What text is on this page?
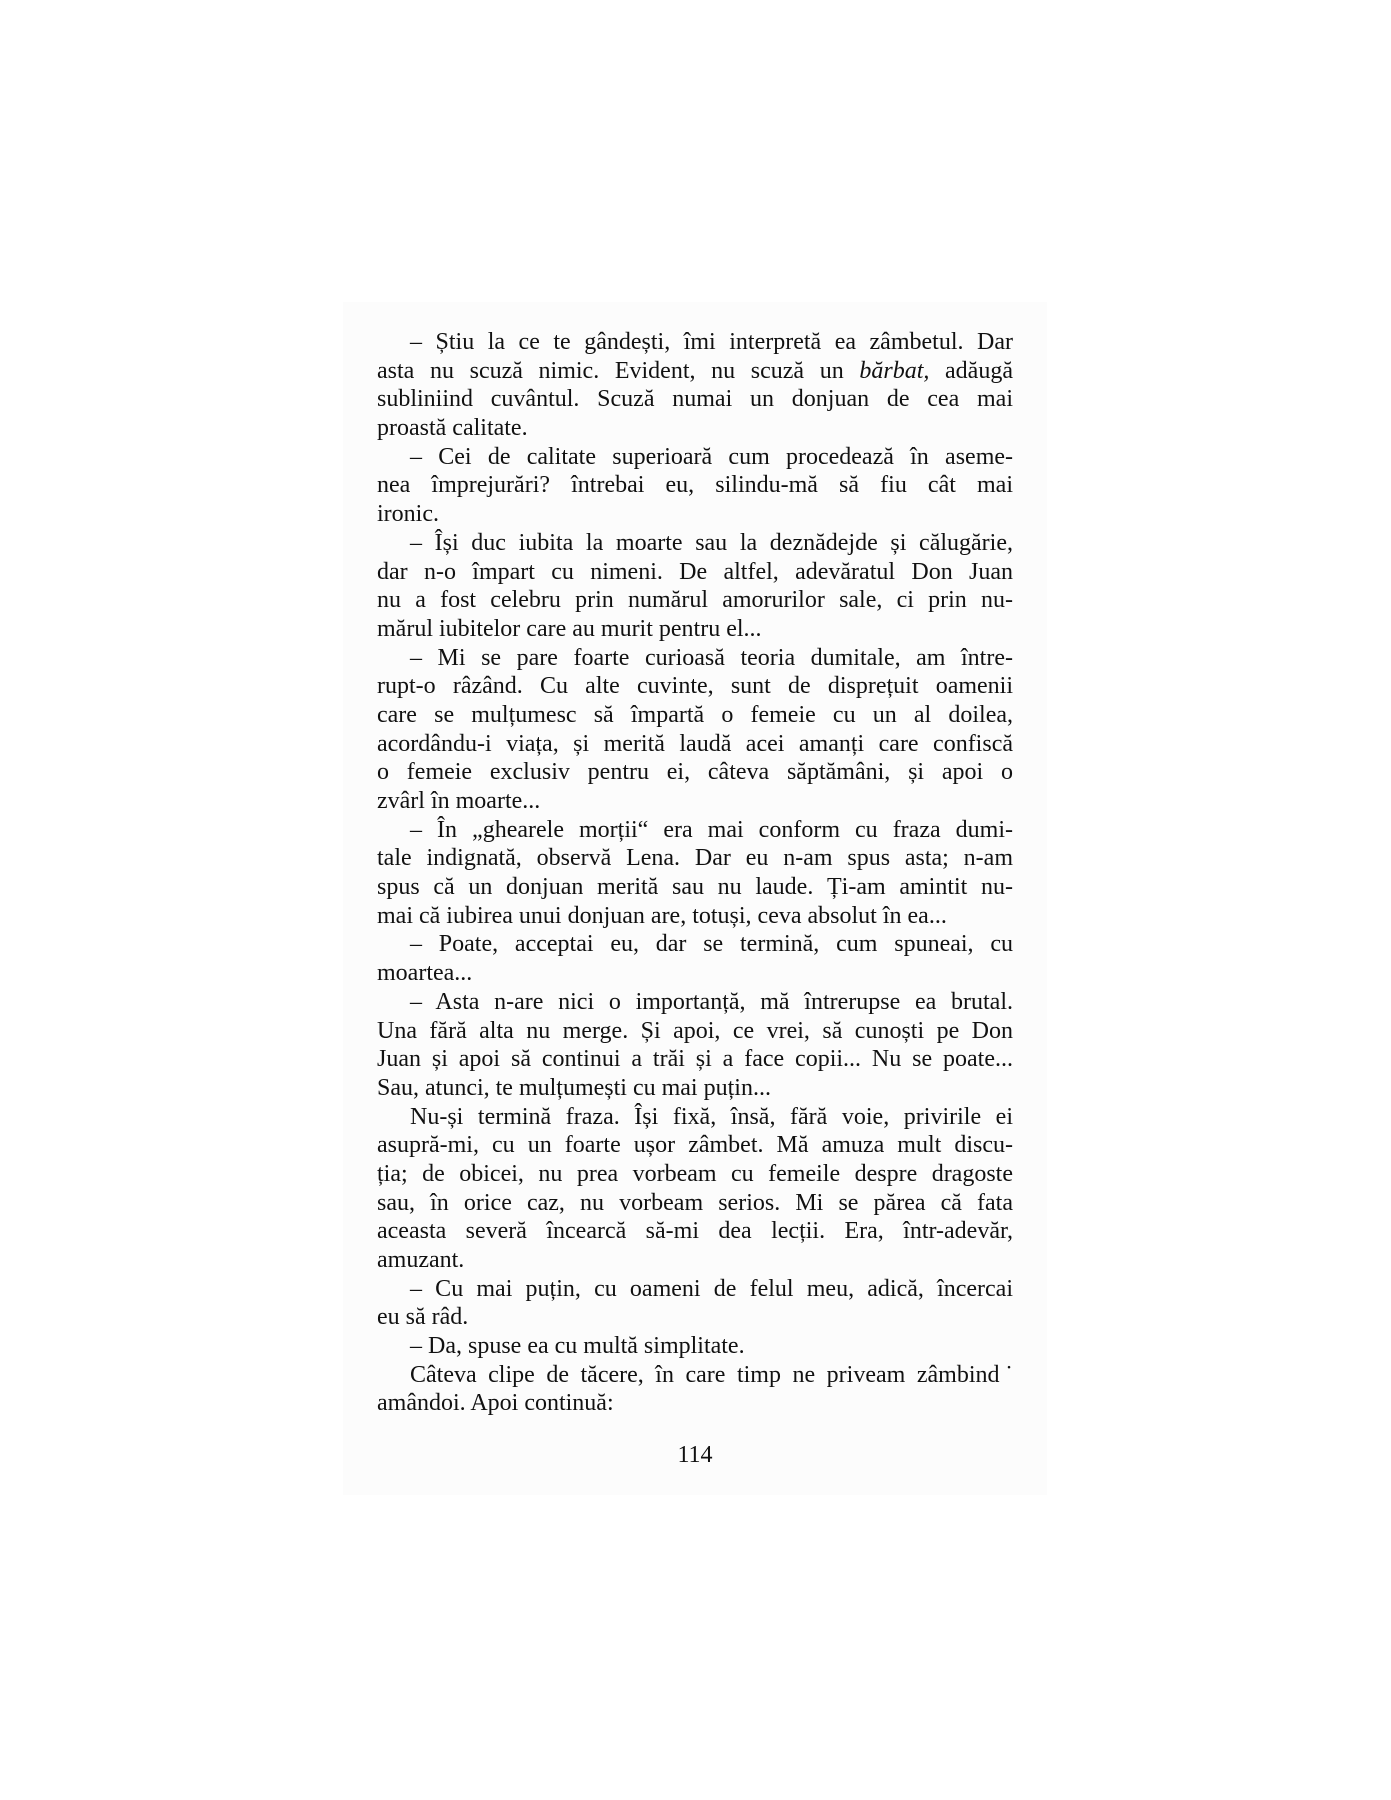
– Știu la ce te gândești, îmi interpretă ea zâmbetul. Dar
asta nu scuză nimic. Evident, nu scuză un bărbat, adăugă
subliniind cuvântul. Scuză numai un donjuan de cea mai
proastă calitate.
– Cei de calitate superioară cum procedează în aseme-
nea împrejurări? întrebai eu, silindu-mă să fiu cât mai
ironic.
– Își duc iubita la moarte sau la deznădejde și călugărie,
dar n-o împart cu nimeni. De altfel, adevăratul Don Juan
nu a fost celebru prin numărul amorurilor sale, ci prin nu-
mărul iubitelor care au murit pentru el...
– Mi se pare foarte curioasă teoria dumitale, am între-
rupt-o râzând. Cu alte cuvinte, sunt de disprețuit oamenii
care se mulțumesc să împartă o femeie cu un al doilea,
acordându-i viața, și merită laudă acei amanți care confiscă
o femeie exclusiv pentru ei, câteva săptămâni, și apoi o
zvârl în moarte...
– În „ghearele morții“ era mai conform cu fraza dumi-
tale indignată, observă Lena. Dar eu n-am spus asta; n-am
spus că un donjuan merită sau nu laude. Ți-am amintit nu-
mai că iubirea unui donjuan are, totuși, ceva absolut în ea...
– Poate, acceptai eu, dar se termină, cum spuneai, cu
moartea...
– Asta n-are nici o importanță, mă întrerupse ea brutal.
Una fără alta nu merge. Și apoi, ce vrei, să cunoști pe Don
Juan și apoi să continui a trăi și a face copii... Nu se poate...
Sau, atunci, te mulțumești cu mai puțin...
Nu-și termină fraza. Își fixă, însă, fără voie, privirile ei
asupră-mi, cu un foarte ușor zâmbet. Mă amuza mult discu-
ția; de obicei, nu prea vorbeam cu femeile despre dragoste
sau, în orice caz, nu vorbeam serios. Mi se părea că fata
aceasta severă încearcă să-mi dea lecții. Era, într-adevăr,
amuzant.
– Cu mai puțin, cu oameni de felul meu, adică, încercai
eu să râd.
– Da, spuse ea cu multă simplitate.
Câteva clipe de tăcere, în care timp ne priveam zâmbind˙
amândoi. Apoi continuă:
114
